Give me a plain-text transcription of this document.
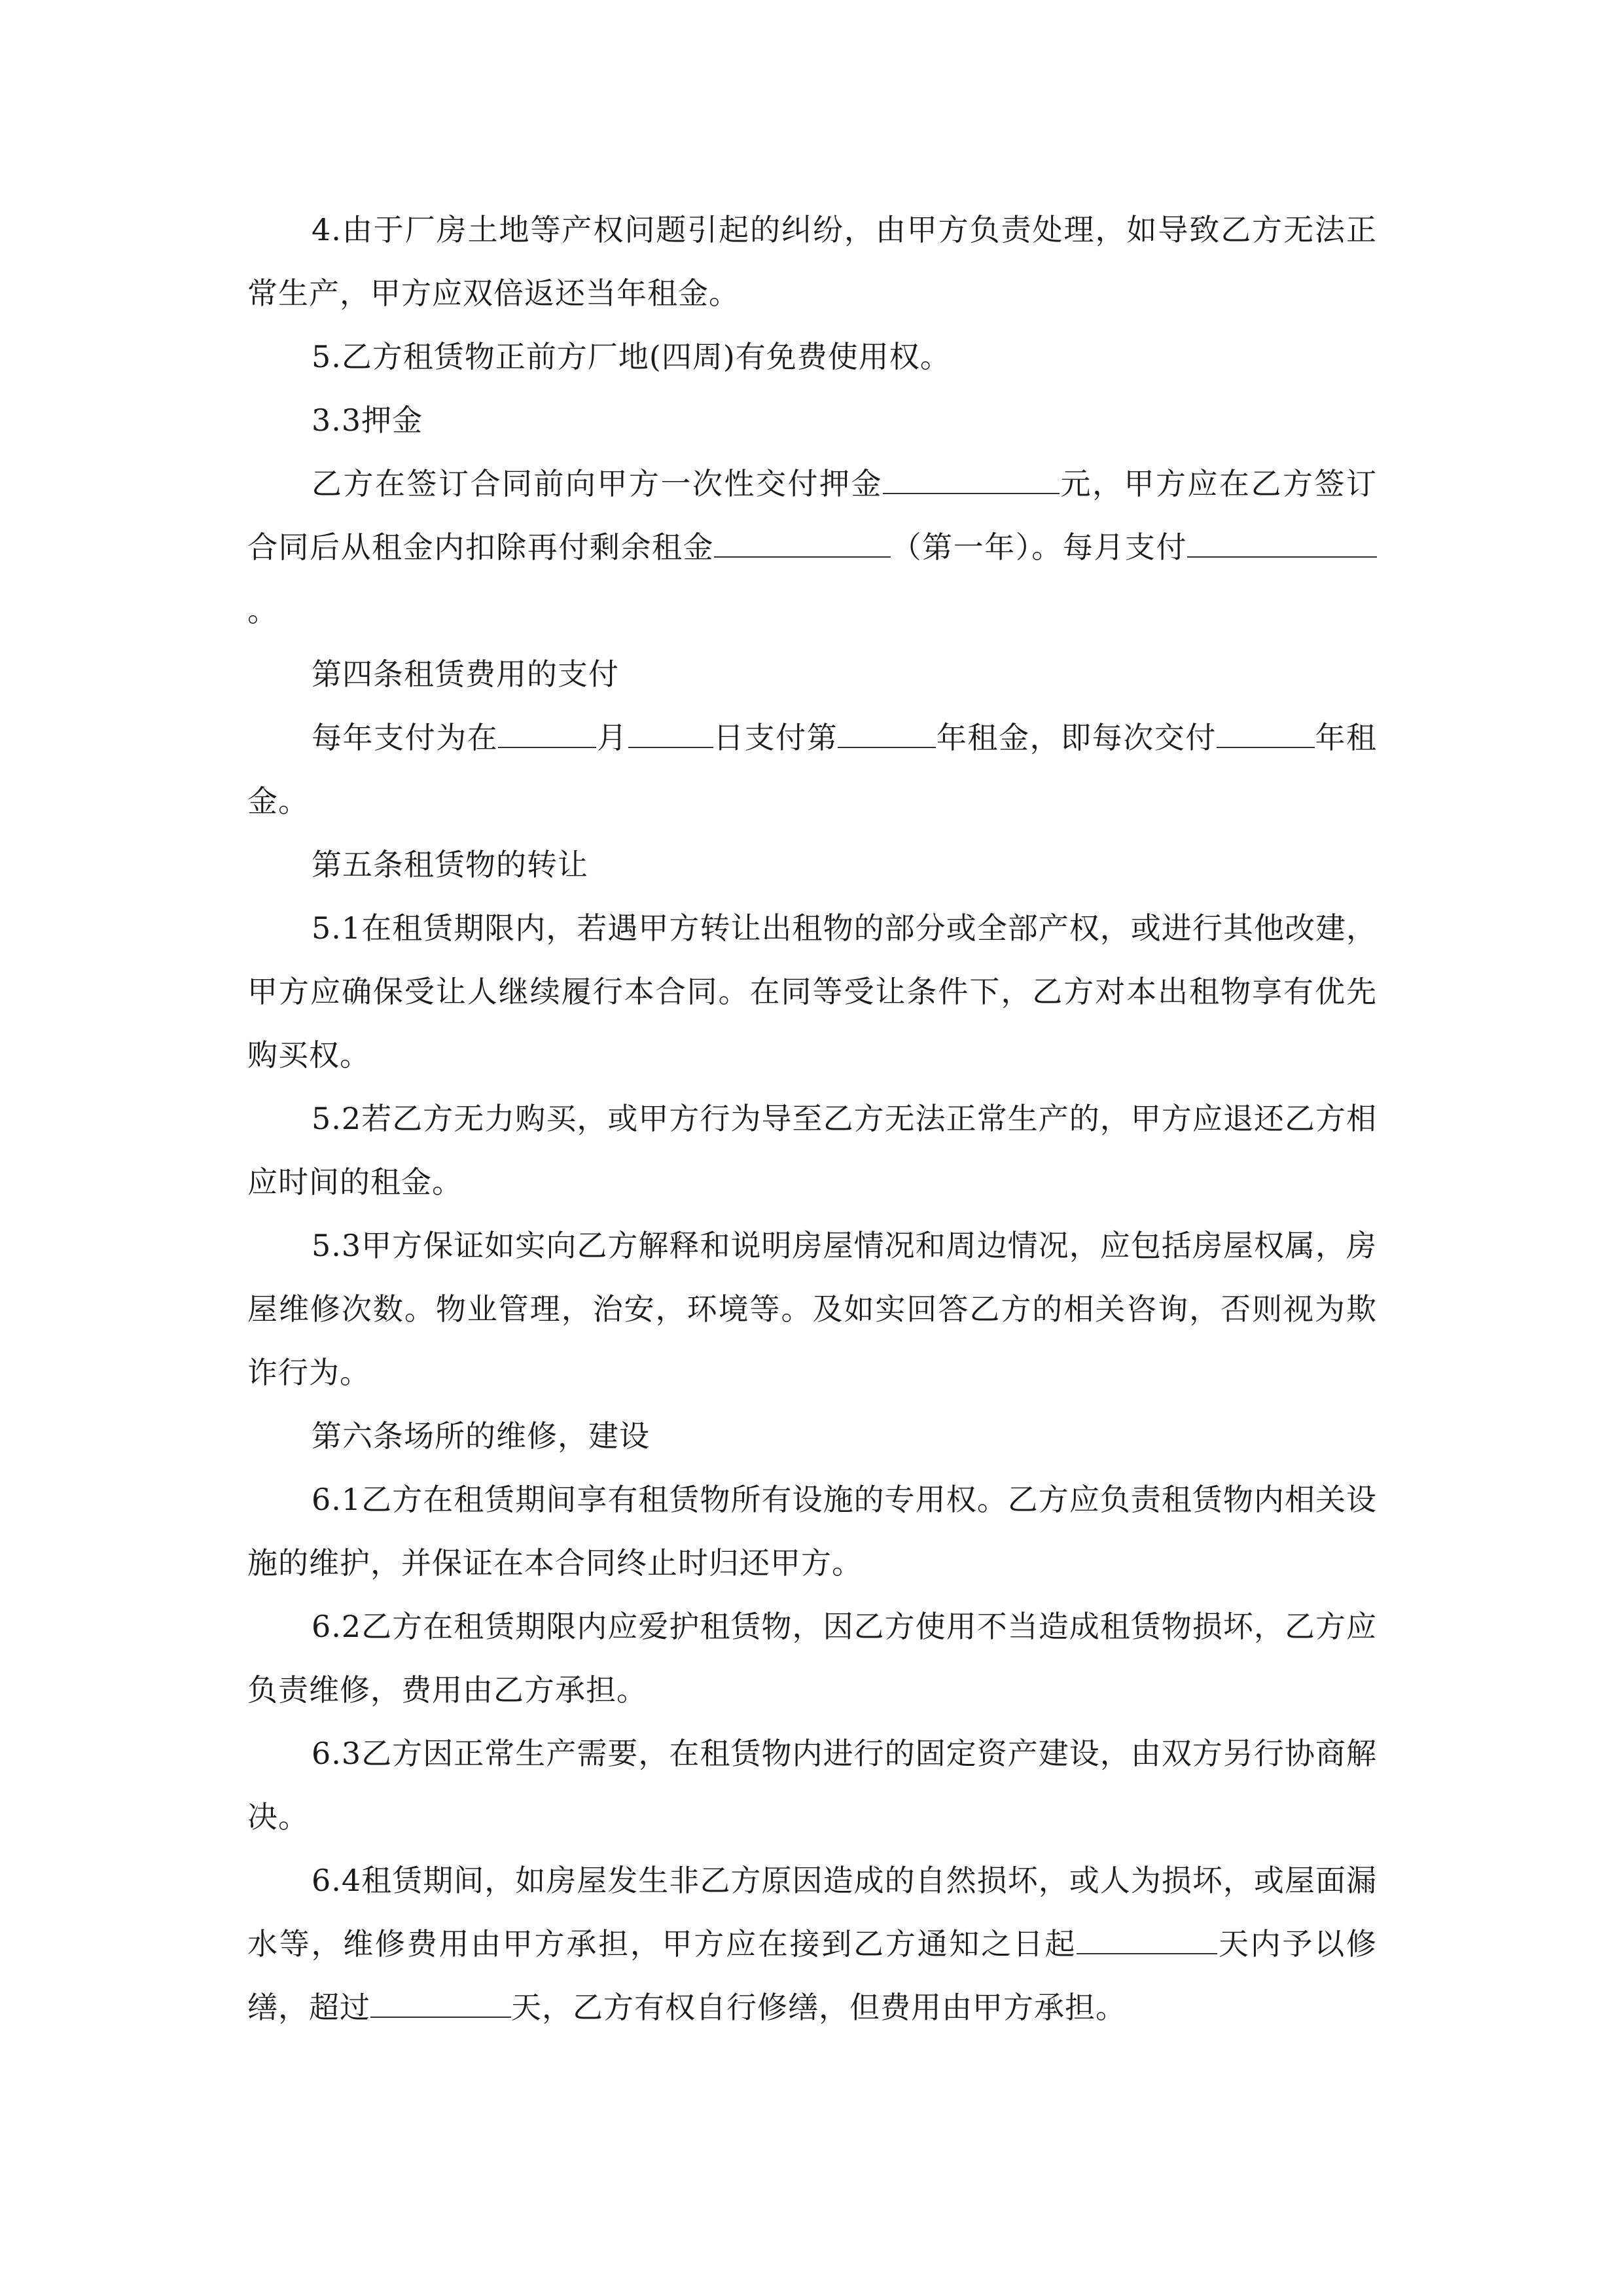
4.由于厂房土地等产权问题引起的纠纷，由甲方负责处理，如导致乙方无法正常生产，甲方应双倍返还当年租金。

5.乙方租赁物正前方厂地(四周)有免费使用权。

3.3押金

乙方在签订合同前向甲方一次性交付押金	元，甲方应在乙方签订合同后从租金内扣除再付剩余租金	（第一年）。每月支付。

第四条租赁费用的支付

每年支付为在	月	日支付第	年租金，即每次交付	年租金。

第五条租赁物的转让

5.1在租赁期限内，若遇甲方转让出租物的部分或全部产权，或进行其他改建，甲方应确保受让人继续履行本合同。在同等受让条件下，乙方对本出租物享有优先购买权。

5.2若乙方无力购买，或甲方行为导至乙方无法正常生产的，甲方应退还乙方相应时间的租金。

5.3甲方保证如实向乙方解释和说明房屋情况和周边情况，应包括房屋权属，房屋维修次数。物业管理，治安，环境等。及如实回答乙方的相关咨询，否则视为欺诈行为。

第六条场所的维修，建设

6.1乙方在租赁期间享有租赁物所有设施的专用权。乙方应负责租赁物内相关设施的维护，并保证在本合同终止时归还甲方。

6.2乙方在租赁期限内应爱护租赁物，因乙方使用不当造成租赁物损坏，乙方应负责维修，费用由乙方承担。

6.3乙方因正常生产需要，在租赁物内进行的固定资产建设，由双方另行协商解决。

6.4租赁期间，如房屋发生非乙方原因造成的自然损坏，或人为损坏，或屋面漏水等，维修费用由甲方承担，甲方应在接到乙方通知之日起	天内予以修缮，超过	天，乙方有权自行修缮，但费用由甲方承担。
